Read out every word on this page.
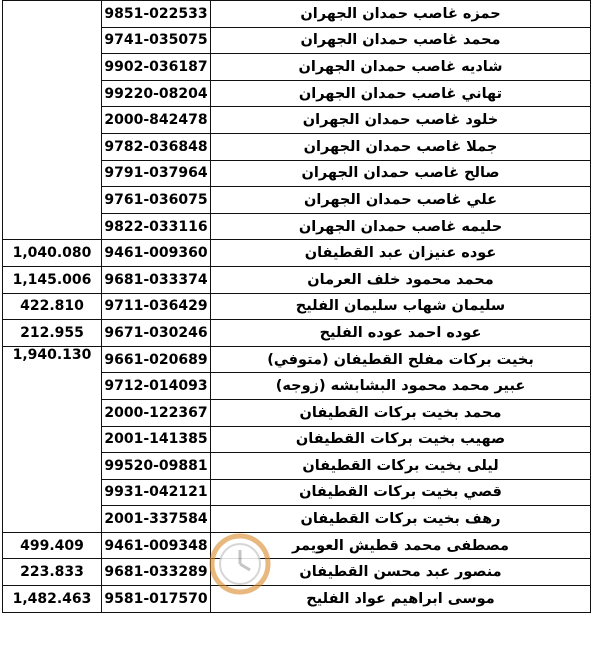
	9851-022533	حمزه غاصب حمدان الجهران
	9741-035075	محمد غاصب حمدان الجهران
	9902-036187	شاديه غاصب حمدان الجهران
	99220-08204	تهاني غاصب حمدان الجهران
	2000-842478	خلود غاصب حمدان الجهران
	9782-036848	جملا غاصب حمدان الجهران
	9791-037964	صالح غاصب حمدان الجهران
	9761-036075	علي غاصب حمدان الجهران
	9822-033116	حليمه غاصب حمدان الجهران
1,040.080	9461-009360	عوده عنيزان عبد القطيفان
1,145.006	9681-033374	محمد محمود خلف العرمان
422.810	9711-036429	سليمان شهاب سليمان الفليح
212.955	9671-030246	عوده احمد عوده الفليح
1,940.130	9661-020689	بخيت بركات مفلح القطيفان (متوفي)
	9712-014093	عبير محمد محمود البشابشه (زوجه)
	2000-122367	محمد بخيت بركات القطيفان
	2001-141385	صهيب بخيت بركات القطيفان
	99520-09881	ليلى بخيت بركات القطيفان
	9931-042121	قصي بخيت بركات القطيفان
	2001-337584	رهف بخيت بركات القطيفان
499.409	9461-009348	مصطفى محمد قطيش العويمر
223.833	9681-033289	منصور عبد محسن القطيفان
1,482.463	9581-017570	موسى ابراهيم عواد الفليح
